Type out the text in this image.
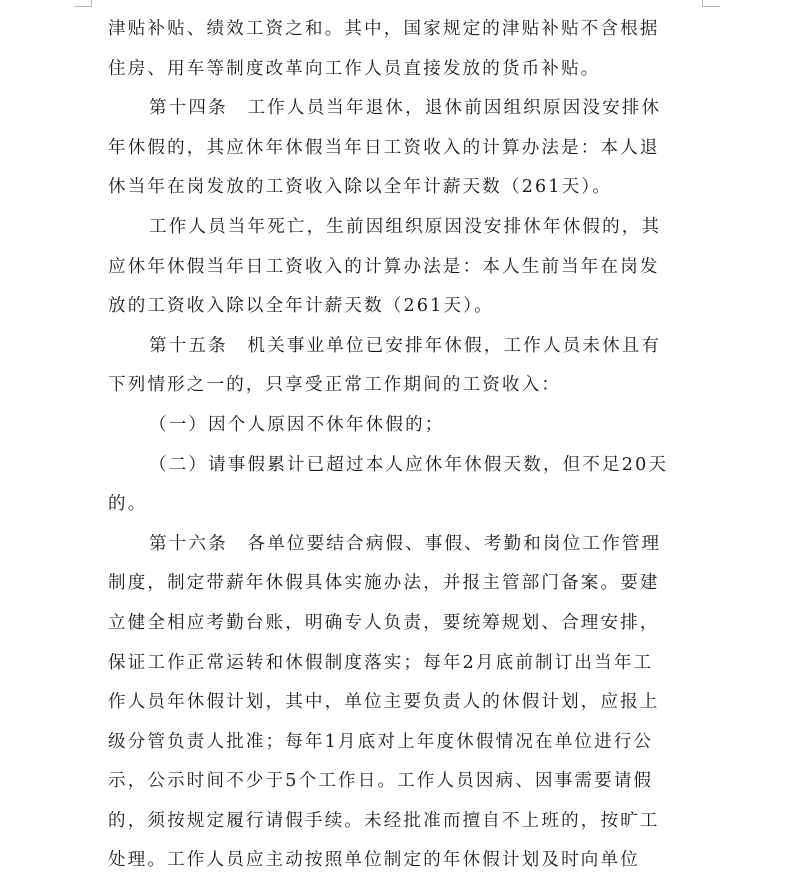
津贴补贴、绩效工资之和。其中，国家规定的津贴补贴不含根据
住房、用车等制度改革向工作人员直接发放的货币补贴。
第十四条　工作人员当年退休，退休前因组织原因没安排休
年休假的，其应休年休假当年日工资收入的计算办法是：本人退
休当年在岗发放的工资收入除以全年计薪天数（261天）。
工作人员当年死亡，生前因组织原因没安排休年休假的，其
应休年休假当年日工资收入的计算办法是：本人生前当年在岗发
放的工资收入除以全年计薪天数（261天）。
第十五条　机关事业单位已安排年休假，工作人员未休且有
下列情形之一的，只享受正常工作期间的工资收入：
（一）因个人原因不休年休假的；
（二）请事假累计已超过本人应休年休假天数，但不足20天
的。
第十六条　各单位要结合病假、事假、考勤和岗位工作管理
制度，制定带薪年休假具体实施办法，并报主管部门备案。要建
立健全相应考勤台账，明确专人负责，要统筹规划、合理安排，
保证工作正常运转和休假制度落实；每年2月底前制订出当年工
作人员年休假计划，其中，单位主要负责人的休假计划，应报上
级分管负责人批准；每年1月底对上年度休假情况在单位进行公
示，公示时间不少于5个工作日。工作人员因病、因事需要请假
的，须按规定履行请假手续。未经批准而擅自不上班的，按旷工
处理。工作人员应主动按照单位制定的年休假计划及时向单位
